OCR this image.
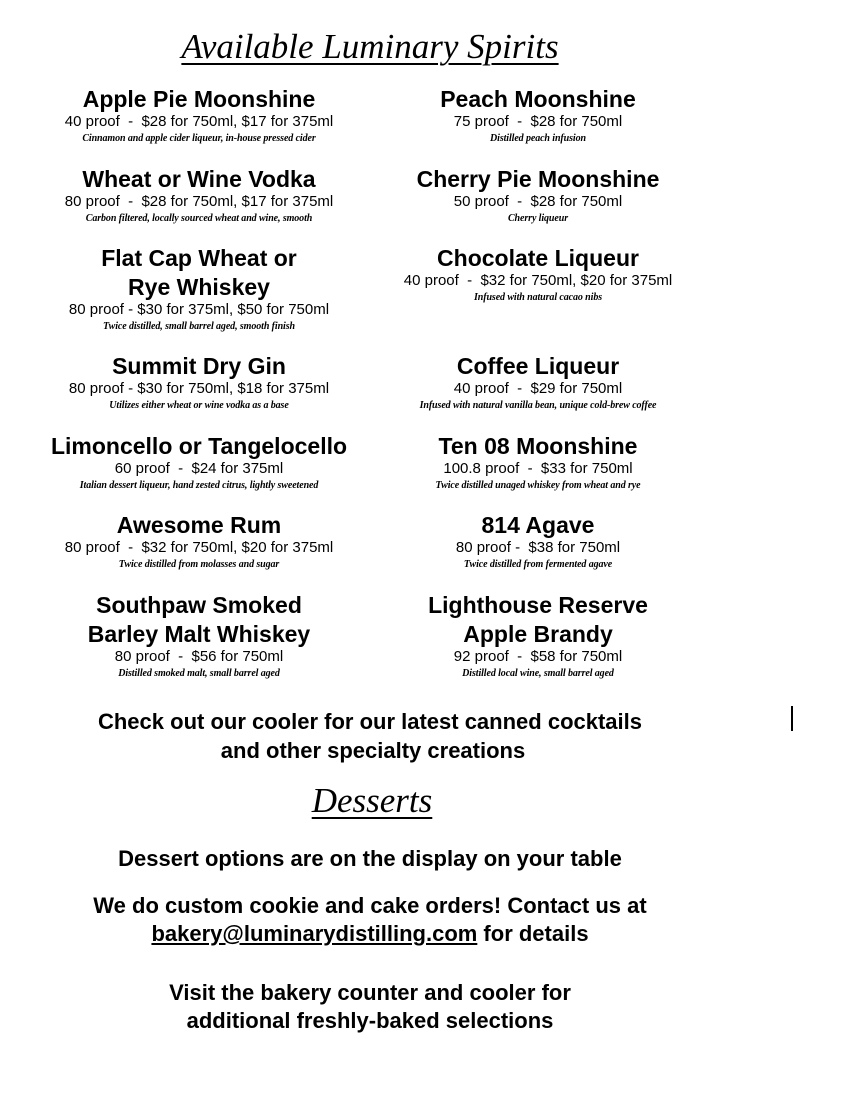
Available Luminary Spirits
Apple Pie Moonshine
40 proof  -  $28 for 750ml, $17 for 375ml
Cinnamon and apple cider liqueur, in-house pressed cider
Peach Moonshine
75 proof  -  $28 for 750ml
Distilled peach infusion
Wheat or Wine Vodka
80 proof  -  $28 for 750ml, $17 for 375ml
Carbon filtered, locally sourced wheat and wine, smooth
Cherry Pie Moonshine
50 proof  -  $28 for 750ml
Cherry liqueur
Flat Cap Wheat or Rye Whiskey
80 proof - $30 for 375ml, $50 for 750ml
Twice distilled, small barrel aged, smooth finish
Chocolate Liqueur
40 proof  -  $32 for 750ml, $20 for 375ml
Infused with natural cacao nibs
Summit Dry Gin
80 proof - $30 for 750ml, $18 for 375ml
Utilizes either wheat or wine vodka as a base
Coffee Liqueur
40 proof  -  $29 for 750ml
Infused with natural vanilla bean, unique cold-brew coffee
Limoncello or Tangelocello
60 proof  -  $24 for 375ml
Italian dessert liqueur, hand zested citrus, lightly sweetened
Ten 08 Moonshine
100.8 proof  -  $33 for 750ml
Twice distilled unaged whiskey from wheat and rye
Awesome Rum
80 proof  -  $32 for 750ml, $20 for 375ml
Twice distilled from molasses and sugar
814 Agave
80 proof -  $38 for 750ml
Twice distilled from fermented agave
Southpaw Smoked Barley Malt Whiskey
80 proof  -  $56 for 750ml
Distilled smoked malt, small barrel aged
Lighthouse Reserve Apple Brandy
92 proof  -  $58 for 750ml
Distilled local wine, small barrel aged
Check out our cooler for our latest canned cocktails
and other specialty creations
Desserts
Dessert options are on the display on your table
We do custom cookie and cake orders! Contact us at
bakery@luminarydistilling.com for details
Visit the bakery counter and cooler for
additional freshly-baked selections
